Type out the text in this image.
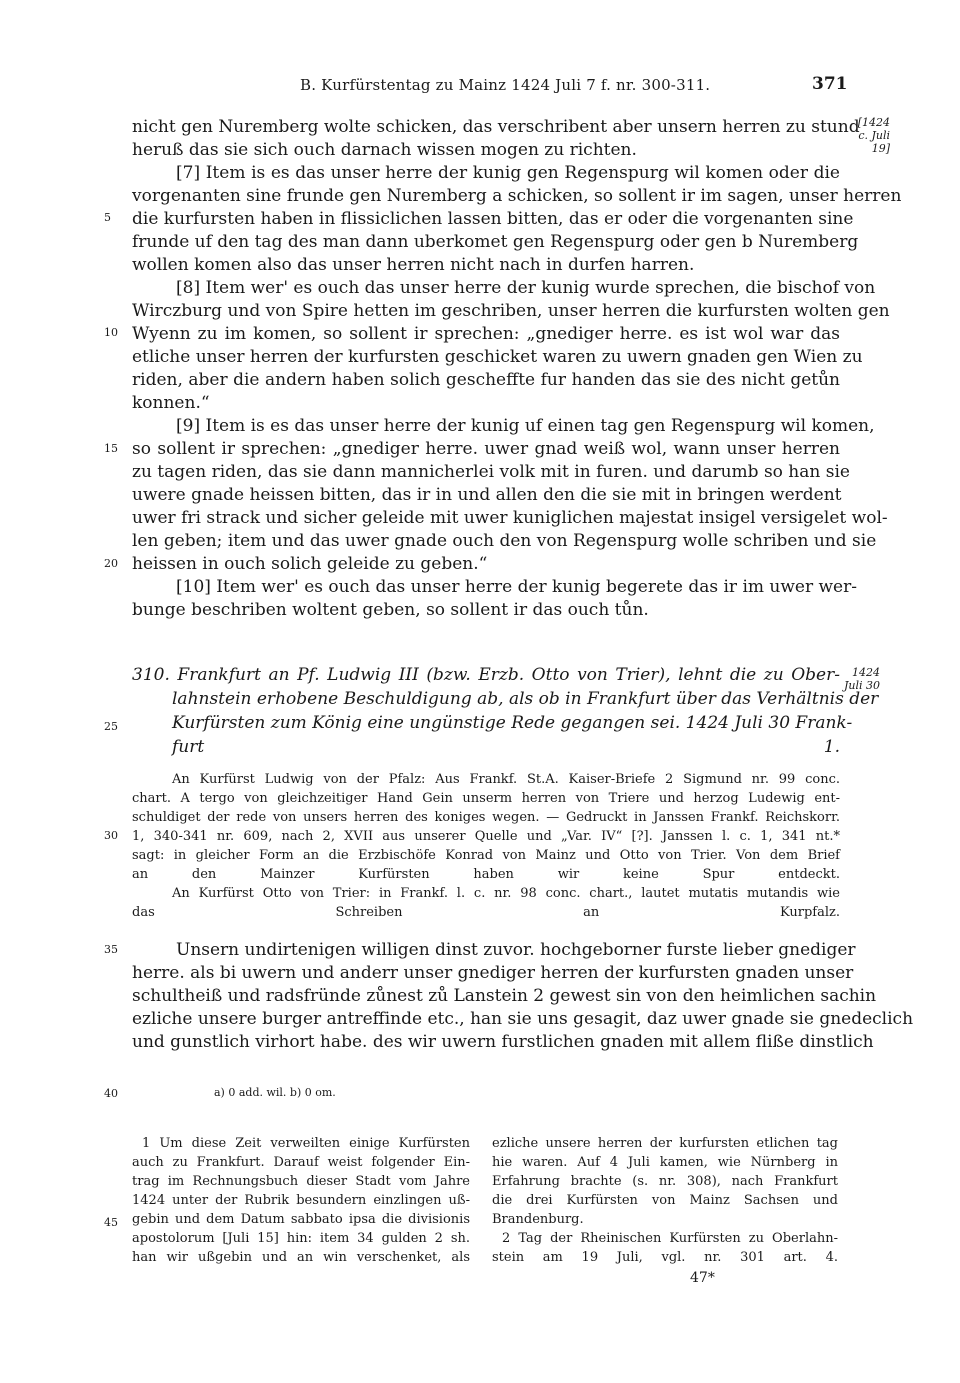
B. Kurfürstentag zu Mainz 1424 Juli 7 f. nr. 300-311.	371
[1424
c. Juli
19]
1424
Juli 30
5
10
15
20
25
30
35
40
45
nicht gen Nuremberg wolte schicken, das verschribent aber unsern herren zu stund
heruß das sie sich ouch darnach wissen mogen zu richten.
[7] Item is es das unser herre der kunig gen Regenspurg wil komen oder die
vorgenanten sine frunde gen Nuremberg a schicken, so sollent ir im sagen, unser herren
die kurfursten haben in flissiclichen lassen bitten, das er oder die vorgenanten sine
frunde uf den tag des man dann uberkomet gen Regenspurg oder gen b Nuremberg
wollen komen also das unser herren nicht nach in durfen harren.
[8] Item wer' es ouch das unser herre der kunig wurde sprechen, die bischof von
Wirczburg und von Spire hetten im geschriben, unser herren die kurfursten wolten gen
Wyenn zu im komen, so sollent ir sprechen: „gnediger herre. es ist wol war das
etliche unser herren der kurfursten geschicket waren zu uwern gnaden gen Wien zu
riden, aber die andern haben solich gescheffte fur handen das sie des nicht getůn
konnen.“
[9] Item is es das unser herre der kunig uf einen tag gen Regenspurg wil komen,
so sollent ir sprechen: „gnediger herre. uwer gnad weiß wol, wann unser herren
zu tagen riden, das sie dann mannicherlei volk mit in furen. und darumb so han sie
uwere gnade heissen bitten, das ir in und allen den die sie mit in bringen werdent
uwer fri strack und sicher geleide mit uwer kuniglichen majestat insigel versigelet wol-
len geben; item und das uwer gnade ouch den von Regenspurg wolle schriben und sie
heissen in ouch solich geleide zu geben.“
[10] Item wer' es ouch das unser herre der kunig begerete das ir im uwer wer-
bunge beschriben woltent geben, so sollent ir das ouch tůn.
310. Frankfurt an Pf. Ludwig III (bzw. Erzb. Otto von Trier), lehnt die zu Ober-
lahnstein erhobene Beschuldigung ab, als ob in Frankfurt über das Verhältnis der
Kurfürsten zum König eine ungünstige Rede gegangen sei. 1424 Juli 30 Frank-
furt 1.
An Kurfürst Ludwig von der Pfalz: Aus Frankf. St.A. Kaiser-Briefe 2 Sigmund nr. 99 conc.
chart. A tergo von gleichzeitiger Hand Gein unserm herren von Triere und herzog Ludewig ent-
schuldiget der rede von unsers herren des koniges wegen. — Gedruckt in Janssen Frankf. Reichskorr.
1, 340-341 nr. 609, nach 2, XVII aus unserer Quelle und „Var. IV“ [?]. Janssen l. c. 1, 341 nt.*
sagt: in gleicher Form an die Erzbischöfe Konrad von Mainz und Otto von Trier. Von dem Brief
an den Mainzer Kurfürsten haben wir keine Spur entdeckt.
An Kurfürst Otto von Trier: in Frankf. l. c. nr. 98 conc. chart., lautet mutatis mutandis wie
das Schreiben an Kurpfalz.
Unsern undirtenigen willigen dinst zuvor. hochgeborner furste lieber gnediger
herre. als bi uwern und anderr unser gnediger herren der kurfursten gnaden unser
schultheiß und radsfründe zůnest zů Lanstein 2 gewest sin von den heimlichen sachin
ezliche unsere burger antreffinde etc., han sie uns gesagit, daz uwer gnade sie gnedeclich
und gunstlich virhort habe. des wir uwern furstlichen gnaden mit allem fliße dinstlich
a) 0 add. wil. b) 0 om.
1 Um diese Zeit verweilten einige Kurfürsten
auch zu Frankfurt. Darauf weist folgender Ein-
trag im Rechnungsbuch dieser Stadt vom Jahre
1424 unter der Rubrik besundern einzlingen uß-
gebin und dem Datum sabbato ipsa die divisionis
apostolorum [Juli 15] hin: item 34 gulden 2 sh.
han wir ußgebin und an win verschenket, als
ezliche unsere herren der kurfursten etlichen tag
hie waren. Auf 4 Juli kamen, wie Nürnberg in
Erfahrung brachte (s. nr. 308), nach Frankfurt
die drei Kurfürsten von Mainz Sachsen und
Brandenburg.
2 Tag der Rheinischen Kurfürsten zu Oberlahn-
stein am 19 Juli, vgl. nr. 301 art. 4.
47*
